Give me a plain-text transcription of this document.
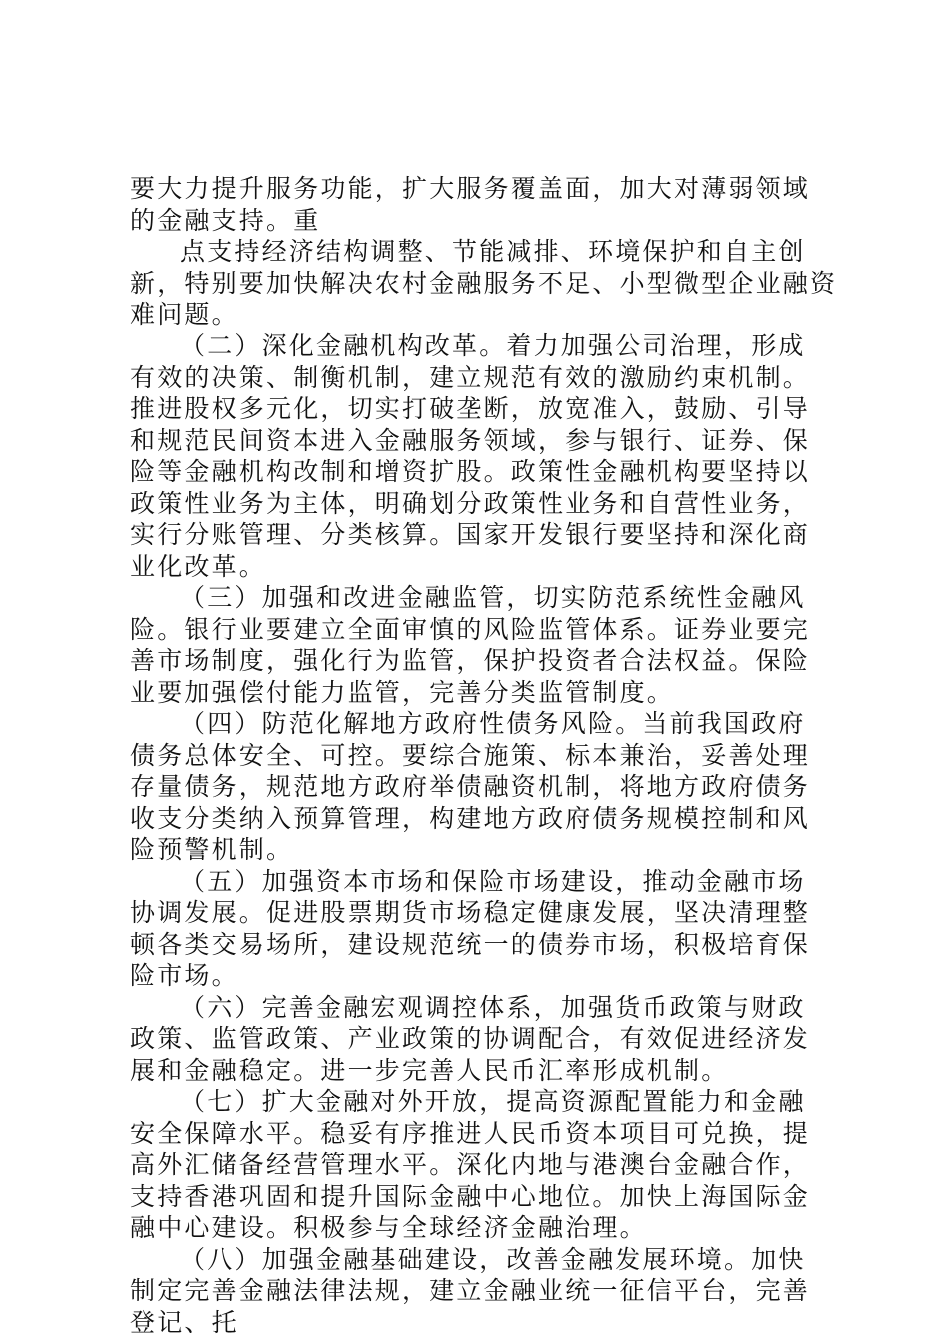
要大力提升服务功能，扩大服务覆盖面，加大对薄弱领域的金融支持。重

点支持经济结构调整、节能减排、环境保护和自主创新，特别要加快解决农村金融服务不足、小型微型企业融资难问题。

（二）深化金融机构改革。着力加强公司治理，形成有效的决策、制衡机制，建立规范有效的激励约束机制。推进股权多元化，切实打破垄断，放宽准入，鼓励、引导和规范民间资本进入金融服务领域，参与银行、证券、保险等金融机构改制和增资扩股。政策性金融机构要坚持以政策性业务为主体，明确划分政策性业务和自营性业务，实行分账管理、分类核算。国家开发银行要坚持和深化商业化改革。

（三）加强和改进金融监管，切实防范系统性金融风险。银行业要建立全面审慎的风险监管体系。证券业要完善市场制度，强化行为监管，保护投资者合法权益。保险业要加强偿付能力监管，完善分类监管制度。

（四）防范化解地方政府性债务风险。当前我国政府债务总体安全、可控。要综合施策、标本兼治，妥善处理存量债务，规范地方政府举债融资机制，将地方政府债务收支分类纳入预算管理，构建地方政府债务规模控制和风险预警机制。

（五）加强资本市场和保险市场建设，推动金融市场协调发展。促进股票期货市场稳定健康发展，坚决清理整顿各类交易场所，建设规范统一的债券市场，积极培育保险市场。

（六）完善金融宏观调控体系，加强货币政策与财政政策、监管政策、产业政策的协调配合，有效促进经济发展和金融稳定。进一步完善人民币汇率形成机制。

（七）扩大金融对外开放，提高资源配置能力和金融安全保障水平。稳妥有序推进人民币资本项目可兑换，提高外汇储备经营管理水平。深化内地与港澳台金融合作，支持香港巩固和提升国际金融中心地位。加快上海国际金融中心建设。积极参与全球经济金融治理。

（八）加强金融基础建设，改善金融发展环境。加快制定完善金融法律法规，建立金融业统一征信平台，完善登记、托
